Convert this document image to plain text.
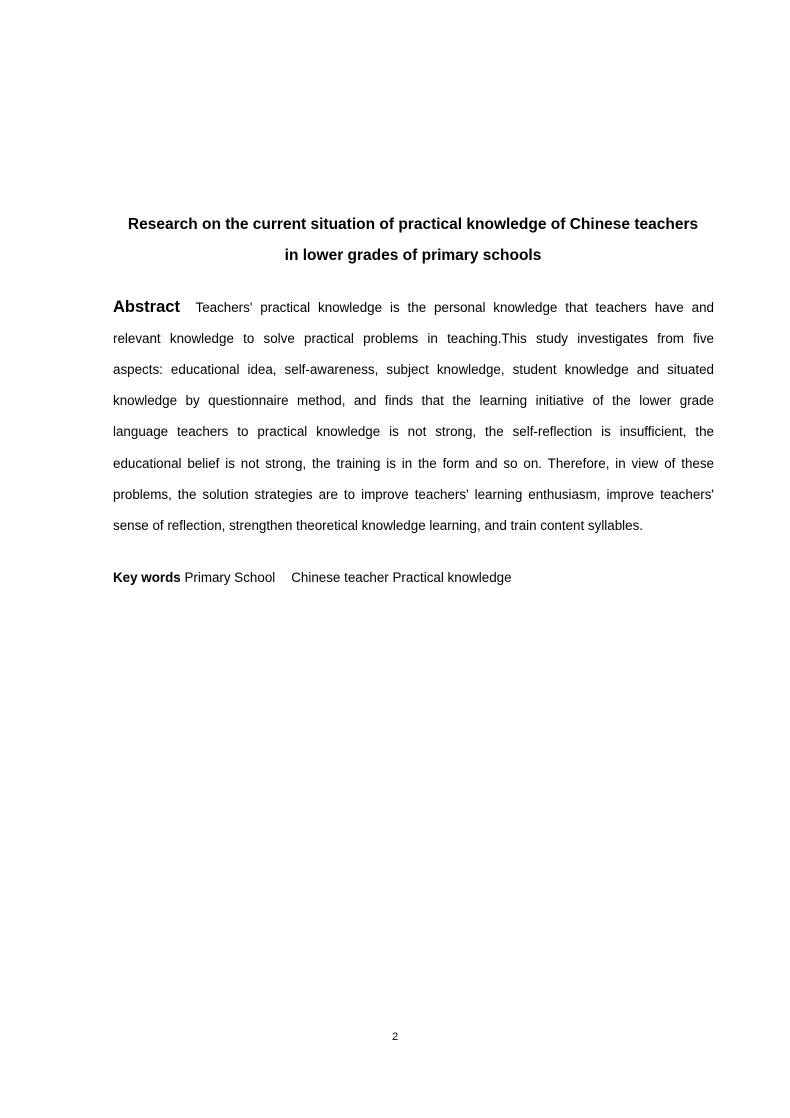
Research on the current situation of practical knowledge of Chinese teachers
in lower grades of primary schools
Abstract Teachers' practical knowledge is the personal knowledge that teachers have and
relevant knowledge to solve practical problems in teaching.This study investigates from five
aspects: educational idea, self-awareness, subject knowledge, student knowledge and situated
knowledge by questionnaire method, and finds that the learning initiative of the lower grade
language teachers to practical knowledge is not strong, the self-reflection is insufficient, the
educational belief is not strong, the training is in the form and so on. Therefore, in view of these
problems, the solution strategies are to improve teachers' learning enthusiasm, improve teachers'
sense of reflection, strengthen theoretical knowledge learning, and train content syllables.
Key words Primary School Chinese teacher Practical knowledge
2
